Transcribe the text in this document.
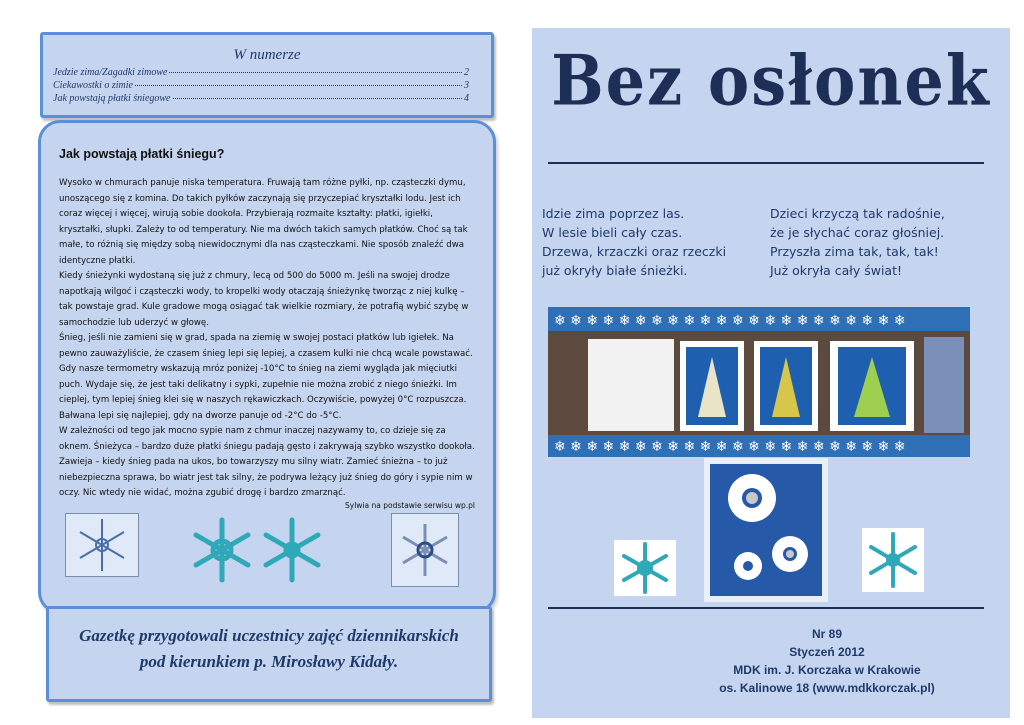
W numerze
Jedzie zima/Zagadki zimowe	2
Ciekawostki o zimie	3
Jak powstają płatki śniegowe	4
Jak powstają płatki śniegu?

Wysoko w chmurach panuje niska temperatura. Fruwają tam różne pyłki, np. cząsteczki dymu, unoszącego się z komina. Do takich pyłków zaczynają się przyczepiać kryształki lodu. Jest ich coraz więcej i więcej, wirują sobie dookoła. Przybierają rozmaite kształty: płatki, igiełki, kryształki, słupki. Zależy to od temperatury. Nie ma dwóch takich samych płatków. Choć są tak małe, to różnią się między sobą niewidocznymi dla nas cząsteczkami. Nie sposób znaleźć dwa identyczne płatki.

Kiedy śnieżynki wydostaną się już z chmury, lecą od 500 do 5000 m. Jeśli na swojej drodze napotkają wilgoć i cząsteczki wody, to kropelki wody otaczają śnieżynkę tworząc z niej kulkę – tak powstaje grad. Kule gradowe mogą osiągać tak wielkie rozmiary, że potrafią wybić szybę w samochodzie lub uderzyć w głowę.

Śnieg, jeśli nie zamieni się w grad, spada na ziemię w swojej postaci płatków lub igiełek. Na pewno zauważyliście, że czasem śnieg lepi się lepiej, a czasem kulki nie chcą wcale powstawać. Gdy nasze termometry wskazują mróz poniżej -10°C to śnieg na ziemi wygląda jak mięciutki puch. Wydaje się, że jest taki delikatny i sypki, zupełnie nie można zrobić z niego śnieżki. Im cieplej, tym lepiej śnieg klei się w naszych rękawiczkach. Oczywiście, powyżej 0°C rozpuszcza. Bałwana lepi się najlepiej, gdy na dworze panuje od -2°C do -5°C.

W zależności od tego jak mocno sypie nam z chmur inaczej nazywamy to, co dzieje się za oknem. Śnieżyca – bardzo duże płatki śniegu padają gęsto i zakrywają szybko wszystko dookoła. Zawieja – kiedy śnieg pada na ukos, bo towarzyszy mu silny wiatr. Zamieć śnieżna – to już niebezpieczna sprawa, bo wiatr jest tak silny, że podrywa leżący już śnieg do góry i sypie nim w oczy. Nic wtedy nie widać, można zgubić drogę i bardzo zmarznąć.

Sylwia na podstawie serwisu wp.pl
Gazetkę przygotowali uczestnicy zajęć dziennikarskich
pod kierunkiem p. Mirosławy Kidały.
Bez osłonek
Idzie zima poprzez las.
W lesie bieli cały czas.
Drzewa, krzaczki oraz rzeczki
już okryły białe śnieżki.
Dzieci krzyczą tak radośnie,
że je słychać coraz głośniej.
Przyszła zima tak, tak, tak!
Już okryła cały świat!
❄ ❄ ❄ ❄ ❄ ❄ ❄ ❄ ❄ ❄ ❄ ❄ ❄ ❄ ❄ ❄ ❄ ❄ ❄ ❄ ❄ ❄
❄ ❄ ❄ ❄ ❄ ❄ ❄ ❄ ❄ ❄ ❄ ❄ ❄ ❄ ❄ ❄ ❄ ❄ ❄ ❄ ❄ ❄
Nr 89
Styczeń 2012
MDK im. J. Korczaka w Krakowie
os. Kalinowe 18 (www.mdkkorczak.pl)
